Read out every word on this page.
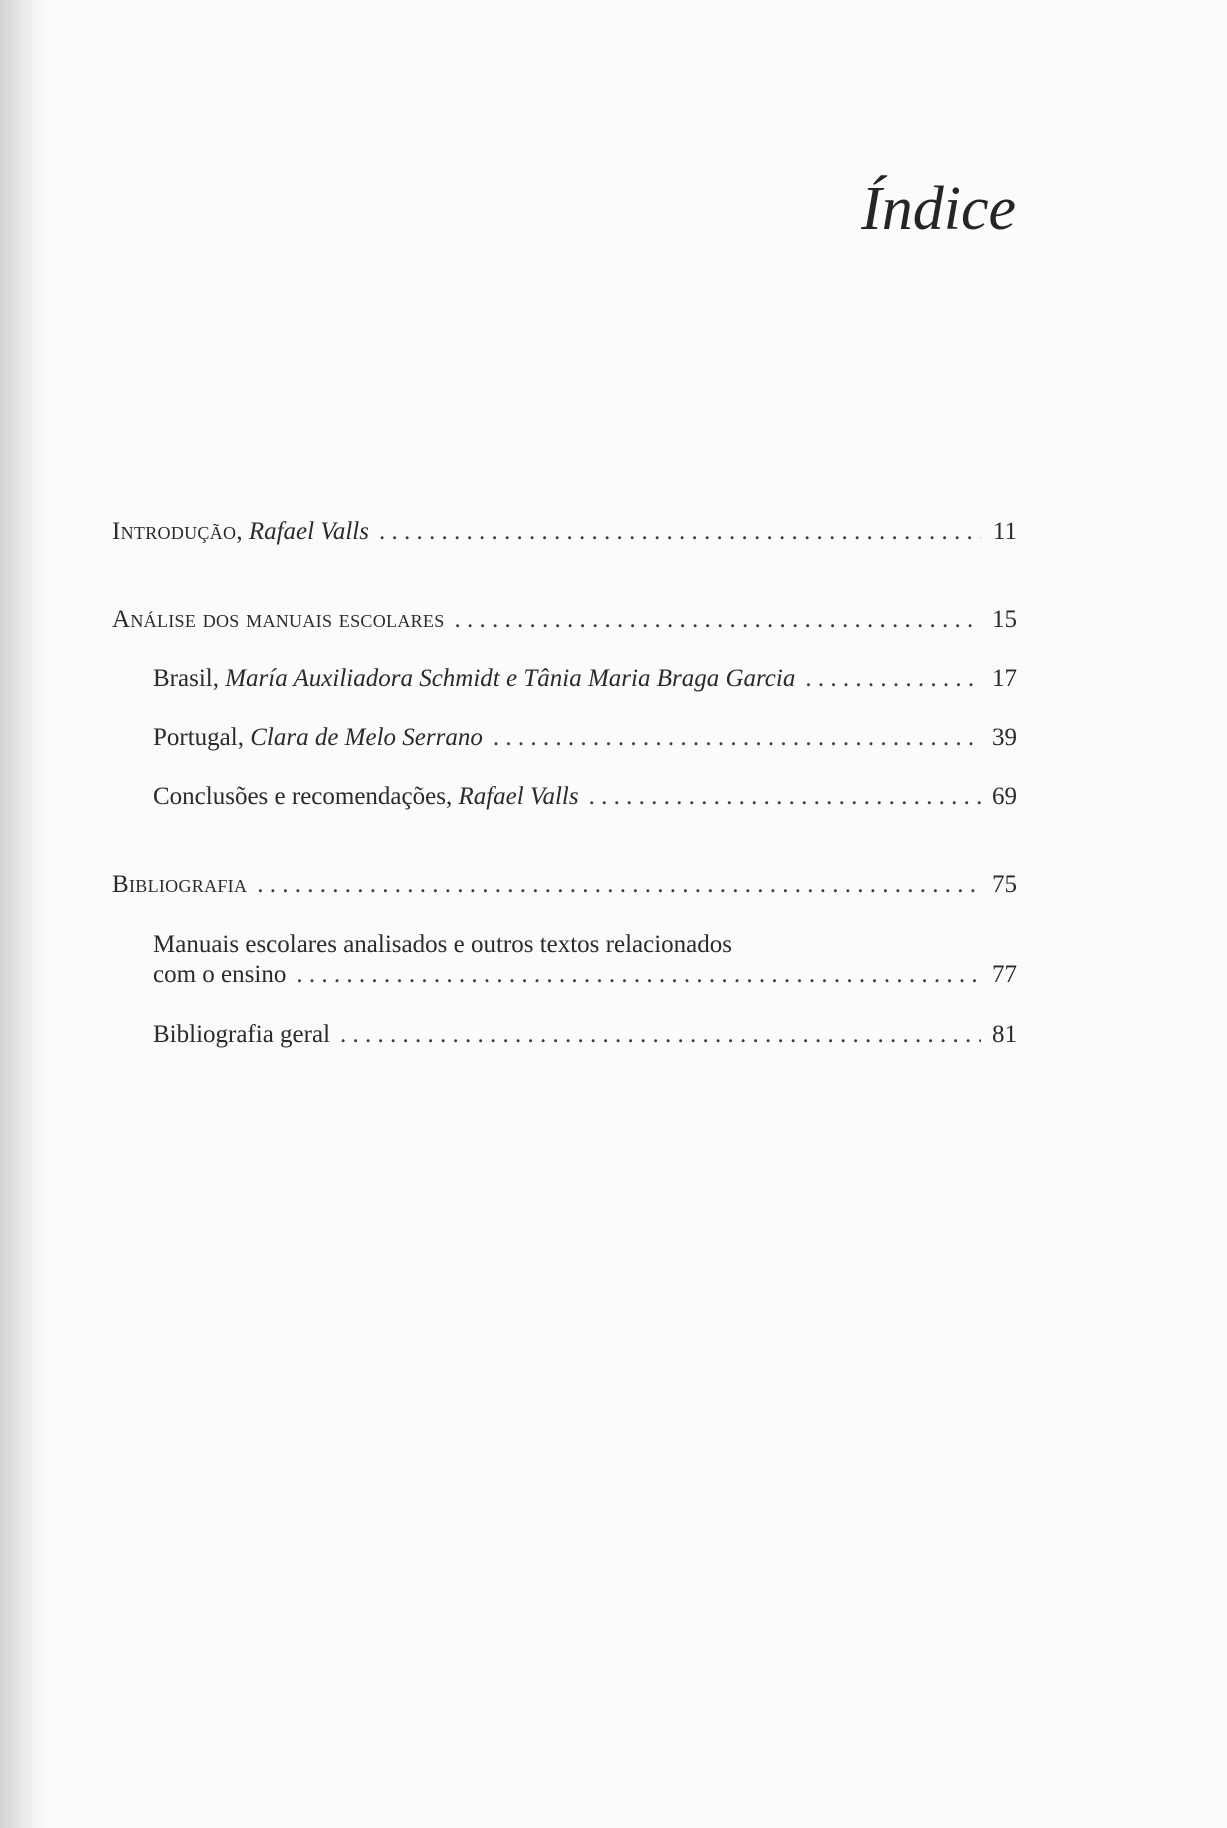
Índice
Introdução, Rafael Valls . . .	11
Análise dos manuais escolares . . .	15
Brasil, María Auxiliadora Schmidt e Tânia Maria Braga Garcia . . .	17
Portugal, Clara de Melo Serrano . . .	39
Conclusões e recomendações, Rafael Valls . . .	69
Bibliografia . . .	75
Manuais escolares analisados e outros textos relacionados
com o ensino . . .	77
Bibliografia geral . . .	81
